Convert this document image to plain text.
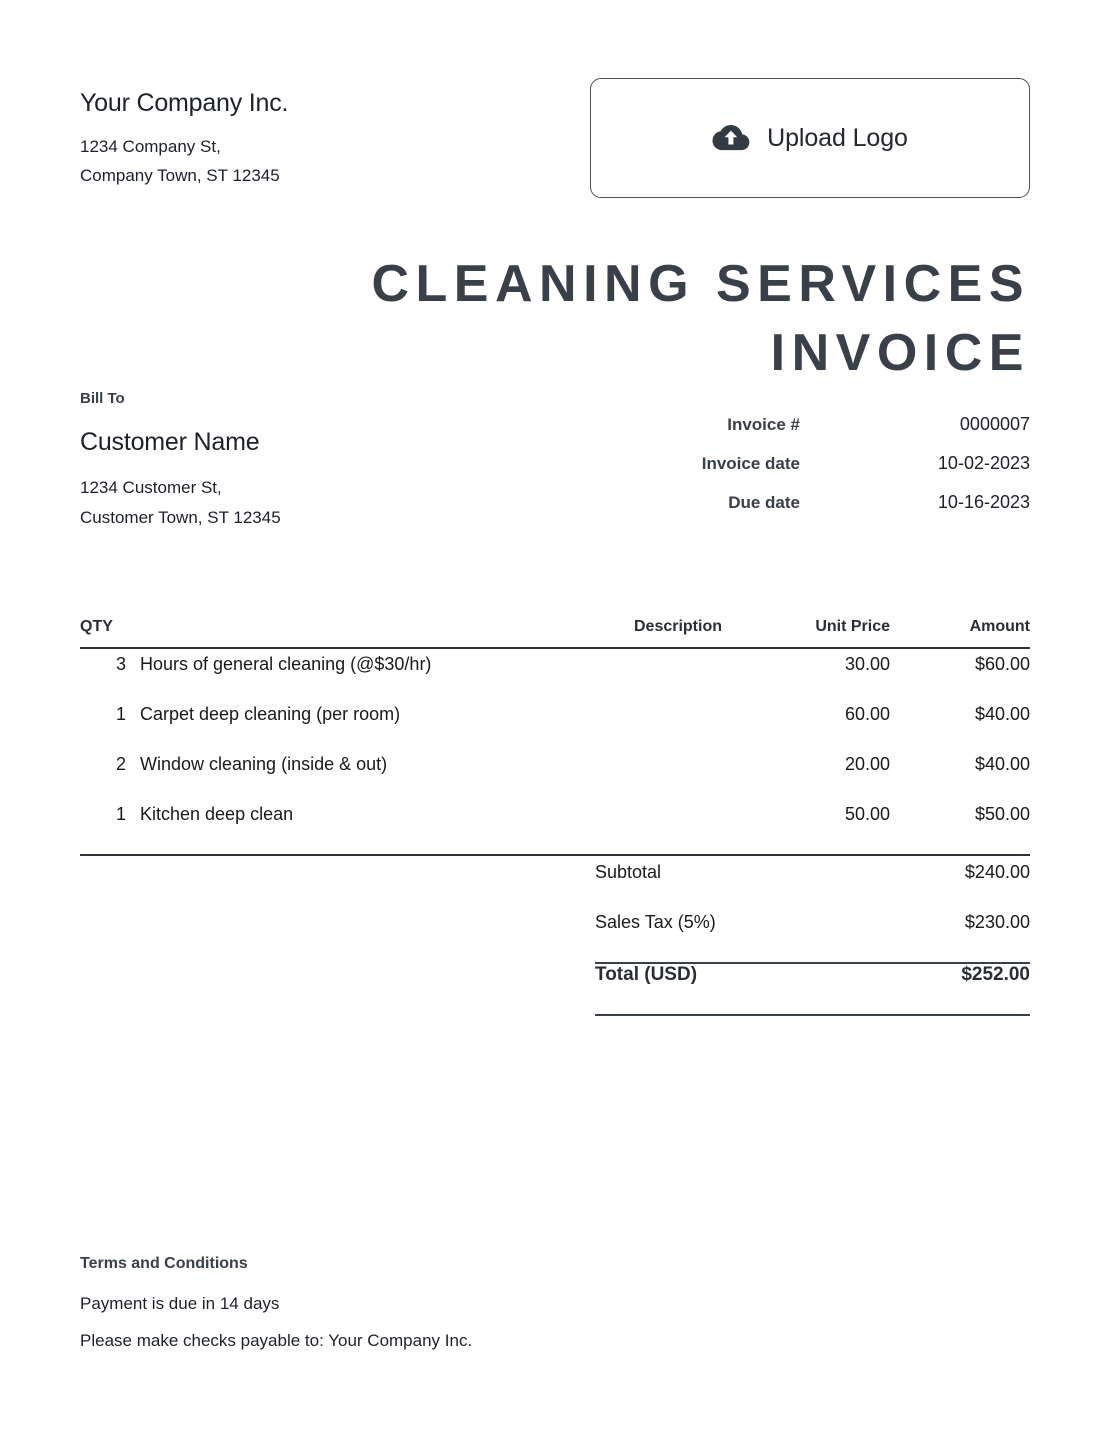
Your Company Inc.
1234 Company St,
Company Town, ST 12345
Upload Logo
CLEANING SERVICES
INVOICE
Bill To
Customer Name
1234 Customer St,
Customer Town, ST 12345
Invoice #	0000007
Invoice date	10-02-2023
Due date	10-16-2023
QTY	Description	Unit Price	Amount
3 Hours of general cleaning (@$30/hr)	30.00	$60.00
1 Carpet deep cleaning (per room)	60.00	$40.00
2 Window cleaning (inside & out)	20.00	$40.00
1 Kitchen deep clean	50.00	$50.00
Subtotal	$240.00
Sales Tax (5%)	$230.00
Total (USD)	$252.00
Terms and Conditions
Payment is due in 14 days
Please make checks payable to: Your Company Inc.
